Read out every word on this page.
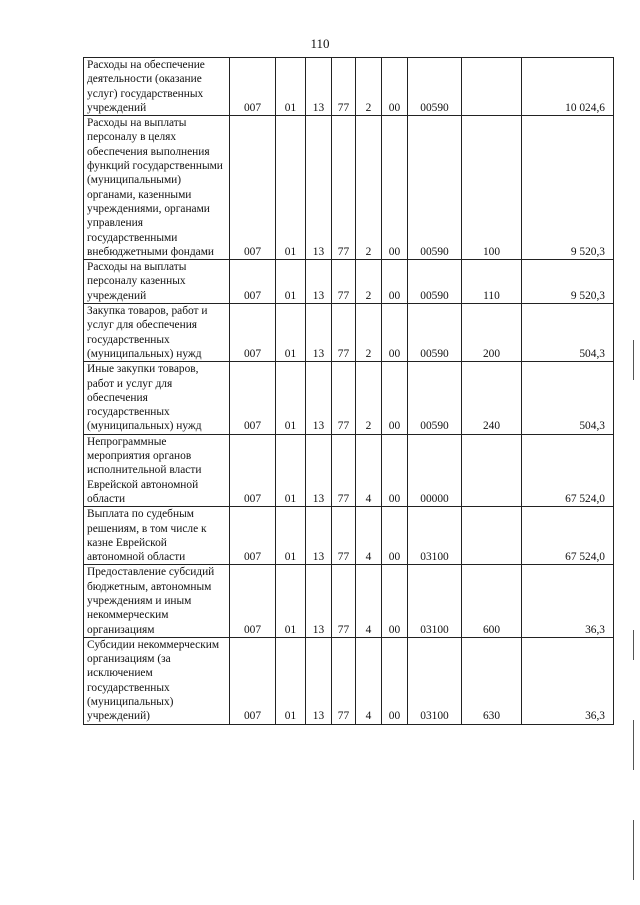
110
Расходы на обеспечение деятельности (оказание услуг) государственных учреждений	007	01	13	77	2	00	00590		10 024,6
Расходы на выплаты персоналу в целях обеспечения выполнения функций государственными (муниципальными) органами, казенными учреждениями, органами управления государственными внебюджетными фондами	007	01	13	77	2	00	00590	100	9 520,3
Расходы на выплаты персоналу казенных учреждений	007	01	13	77	2	00	00590	110	9 520,3
Закупка товаров, работ и услуг для обеспечения государственных (муниципальных) нужд	007	01	13	77	2	00	00590	200	504,3
Иные закупки товаров, работ и услуг для обеспечения государственных (муниципальных) нужд	007	01	13	77	2	00	00590	240	504,3
Непрограммные мероприятия органов исполнительной власти Еврейской автономной области	007	01	13	77	4	00	00000		67 524,0
Выплата по судебным решениям, в том числе к казне Еврейской автономной области	007	01	13	77	4	00	03100		67 524,0
Предоставление субсидий бюджетным, автономным учреждениям и иным некоммерческим организациям	007	01	13	77	4	00	03100	600	36,3
Субсидии некоммерческим организациям (за исключением государственных (муниципальных) учреждений)	007	01	13	77	4	00	03100	630	36,3
